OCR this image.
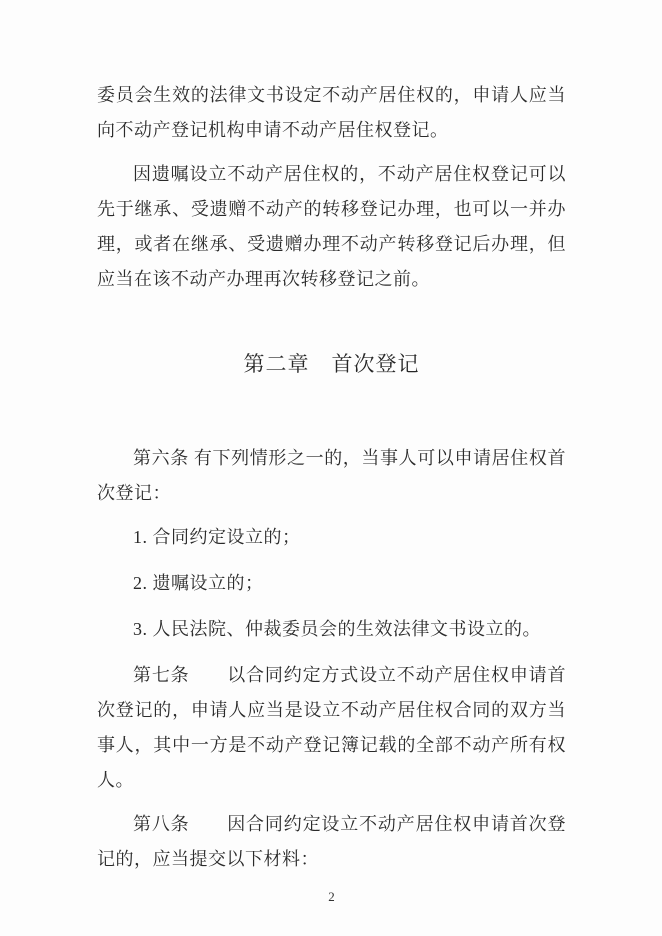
委员会生效的法律文书设定不动产居住权的，申请人应当向不动产登记机构申请不动产居住权登记。

因遗嘱设立不动产居住权的，不动产居住权登记可以先于继承、受遗赠不动产的转移登记办理，也可以一并办理，或者在继承、受遗赠办理不动产转移登记后办理，但应当在该不动产办理再次转移登记之前。

第二章　首次登记

第六条 有下列情形之一的，当事人可以申请居住权首次登记：

1. 合同约定设立的；

2. 遗嘱设立的；

3. 人民法院、仲裁委员会的生效法律文书设立的。

第七条　　以合同约定方式设立不动产居住权申请首次登记的，申请人应当是设立不动产居住权合同的双方当事人，其中一方是不动产登记簿记载的全部不动产所有权人。

第八条　　因合同约定设立不动产居住权申请首次登记的，应当提交以下材料：

2
